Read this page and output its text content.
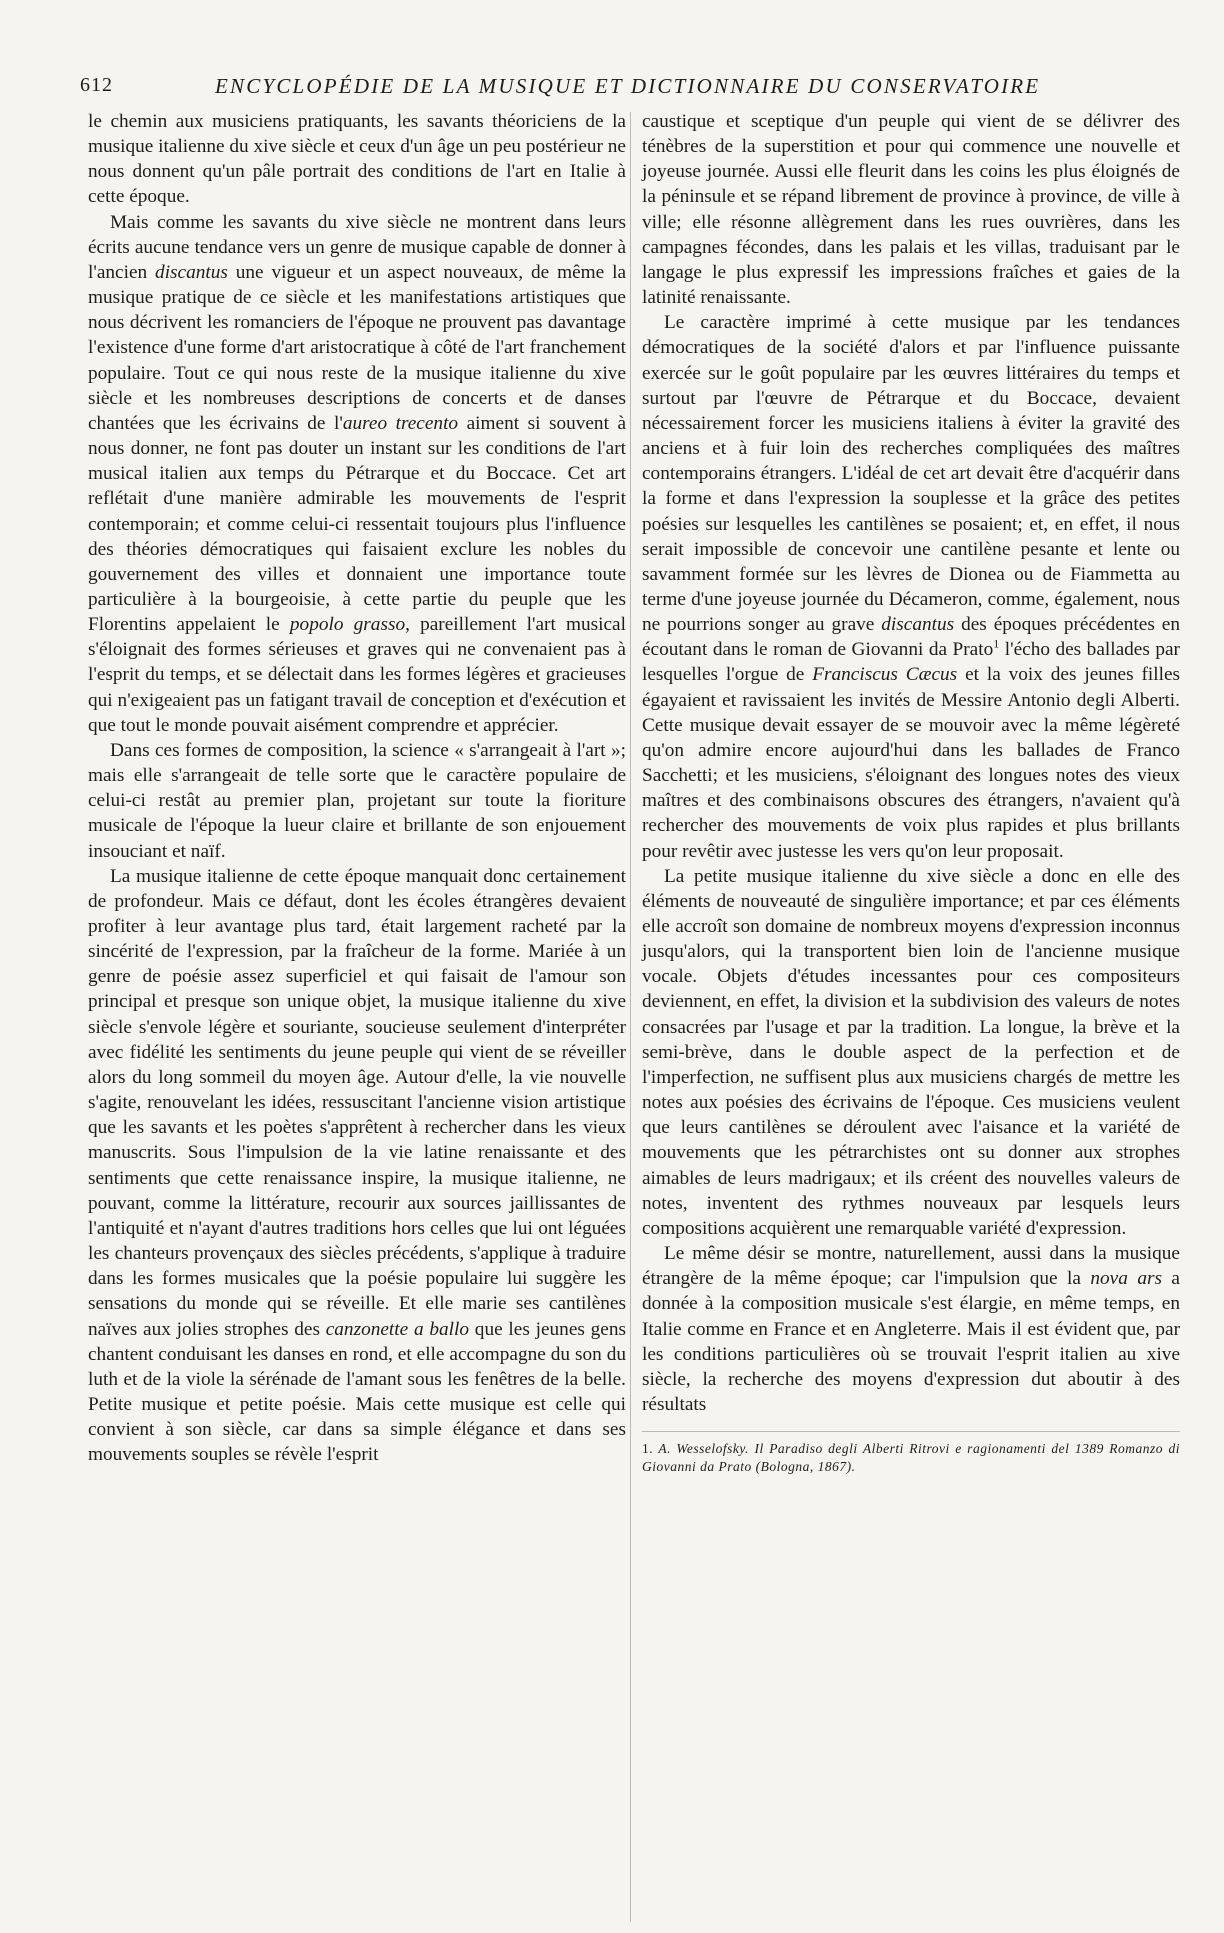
612	ENCYCLOPÉDIE DE LA MUSIQUE ET DICTIONNAIRE DU CONSERVATOIRE

le chemin aux musiciens pratiquants, les savants théoriciens de la musique italienne du xive siècle et ceux d'un âge un peu postérieur ne nous donnent qu'un pâle portrait des conditions de l'art en Italie à cette époque.

Mais comme les savants du xive siècle ne montrent dans leurs écrits aucune tendance vers un genre de musique capable de donner à l'ancien discantus une vigueur et un aspect nouveaux, de même la musique pratique de ce siècle et les manifestations artistiques que nous décrivent les romanciers de l'époque ne prouvent pas davantage l'existence d'une forme d'art aristocratique à côté de l'art franchement populaire. Tout ce qui nous reste de la musique italienne du xive siècle et les nombreuses descriptions de concerts et de danses chantées que les écrivains de l'aureo trecento aiment si souvent à nous donner, ne font pas douter un instant sur les conditions de l'art musical italien aux temps du Pétrarque et du Boccace. Cet art reflétait d'une manière admirable les mouvements de l'esprit contemporain; et comme celui-ci ressentait toujours plus l'influence des théories démocratiques qui faisaient exclure les nobles du gouvernement des villes et donnaient une importance toute particulière à la bourgeoisie, à cette partie du peuple que les Florentins appelaient le popolo grasso, pareillement l'art musical s'éloignait des formes sérieuses et graves qui ne convenaient pas à l'esprit du temps, et se délectait dans les formes légères et gracieuses qui n'exigeaient pas un fatigant travail de conception et d'exécution et que tout le monde pouvait aisément comprendre et apprécier.

Dans ces formes de composition, la science « s'arrangeait à l'art »; mais elle s'arrangeait de telle sorte que le caractère populaire de celui-ci restât au premier plan, projetant sur toute la fioriture musicale de l'époque la lueur claire et brillante de son enjouement insouciant et naïf.

La musique italienne de cette époque manquait donc certainement de profondeur. Mais ce défaut, dont les écoles étrangères devaient profiter à leur avantage plus tard, était largement racheté par la sincérité de l'expression, par la fraîcheur de la forme. Mariée à un genre de poésie assez superficiel et qui faisait de l'amour son principal et presque son unique objet, la musique italienne du xive siècle s'envole légère et souriante, soucieuse seulement d'interpréter avec fidélité les sentiments du jeune peuple qui vient de se réveiller alors du long sommeil du moyen âge. Autour d'elle, la vie nouvelle s'agite, renouvelant les idées, ressuscitant l'ancienne vision artistique que les savants et les poètes s'apprêtent à rechercher dans les vieux manuscrits. Sous l'impulsion de la vie latine renaissante et des sentiments que cette renaissance inspire, la musique italienne, ne pouvant, comme la littérature, recourir aux sources jaillissantes de l'antiquité et n'ayant d'autres traditions hors celles que lui ont léguées les chanteurs provençaux des siècles précédents, s'applique à traduire dans les formes musicales que la poésie populaire lui suggère les sensations du monde qui se réveille. Et elle marie ses cantilènes naïves aux jolies strophes des canzonette a ballo que les jeunes gens chantent conduisant les danses en rond, et elle accompagne du son du luth et de la viole la sérénade de l'amant sous les fenêtres de la belle. Petite musique et petite poésie. Mais cette musique est celle qui convient à son siècle, car dans sa simple élégance et dans ses mouvements souples se révèle l'esprit

caustique et sceptique d'un peuple qui vient de se délivrer des ténèbres de la superstition et pour qui commence une nouvelle et joyeuse journée. Aussi elle fleurit dans les coins les plus éloignés de la péninsule et se répand librement de province à province, de ville à ville; elle résonne allègrement dans les rues ouvrières, dans les campagnes fécondes, dans les palais et les villas, traduisant par le langage le plus expressif les impressions fraîches et gaies de la latinité renaissante.

Le caractère imprimé à cette musique par les tendances démocratiques de la société d'alors et par l'influence puissante exercée sur le goût populaire par les œuvres littéraires du temps et surtout par l'œuvre de Pétrarque et du Boccace, devaient nécessairement forcer les musiciens italiens à éviter la gravité des anciens et à fuir loin des recherches compliquées des maîtres contemporains étrangers. L'idéal de cet art devait être d'acquérir dans la forme et dans l'expression la souplesse et la grâce des petites poésies sur lesquelles les cantilènes se posaient; et, en effet, il nous serait impossible de concevoir une cantilène pesante et lente ou savamment formée sur les lèvres de Dionea ou de Fiammetta au terme d'une joyeuse journée du Décameron, comme, également, nous ne pourrions songer au grave discantus des époques précédentes en écoutant dans le roman de Giovanni da Prato$^1$ l'écho des ballades par lesquelles l'orgue de Franciscus Cæcus et la voix des jeunes filles égayaient et ravissaient les invités de Messire Antonio degli Alberti. Cette musique devait essayer de se mouvoir avec la même légèreté qu'on admire encore aujourd'hui dans les ballades de Franco Sacchetti; et les musiciens, s'éloignant des longues notes des vieux maîtres et des combinaisons obscures des étrangers, n'avaient qu'à rechercher des mouvements de voix plus rapides et plus brillants pour revêtir avec justesse les vers qu'on leur proposait.

La petite musique italienne du xive siècle a donc en elle des éléments de nouveauté de singulière importance; et par ces éléments elle accroît son domaine de nombreux moyens d'expression inconnus jusqu'alors, qui la transportent bien loin de l'ancienne musique vocale. Objets d'études incessantes pour ces compositeurs deviennent, en effet, la division et la subdivision des valeurs de notes consacrées par l'usage et par la tradition. La longue, la brève et la semi-brève, dans le double aspect de la perfection et de l'imperfection, ne suffisent plus aux musiciens chargés de mettre les notes aux poésies des écrivains de l'époque. Ces musiciens veulent que leurs cantilènes se déroulent avec l'aisance et la variété de mouvements que les pétrarchistes ont su donner aux strophes aimables de leurs madrigaux; et ils créent des nouvelles valeurs de notes, inventent des rythmes nouveaux par lesquels leurs compositions acquièrent une remarquable variété d'expression.

Le même désir se montre, naturellement, aussi dans la musique étrangère de la même époque; car l'impulsion que la nova ars a donnée à la composition musicale s'est élargie, en même temps, en Italie comme en France et en Angleterre. Mais il est évident que, par les conditions particulières où se trouvait l'esprit italien au xive siècle, la recherche des moyens d'expression dut aboutir à des résultats

1. A. Wesselofsky. Il Paradiso degli Alberti Ritrovi e ragionamenti del 1389 Romanzo di Giovanni da Prato (Bologna, 1867).
